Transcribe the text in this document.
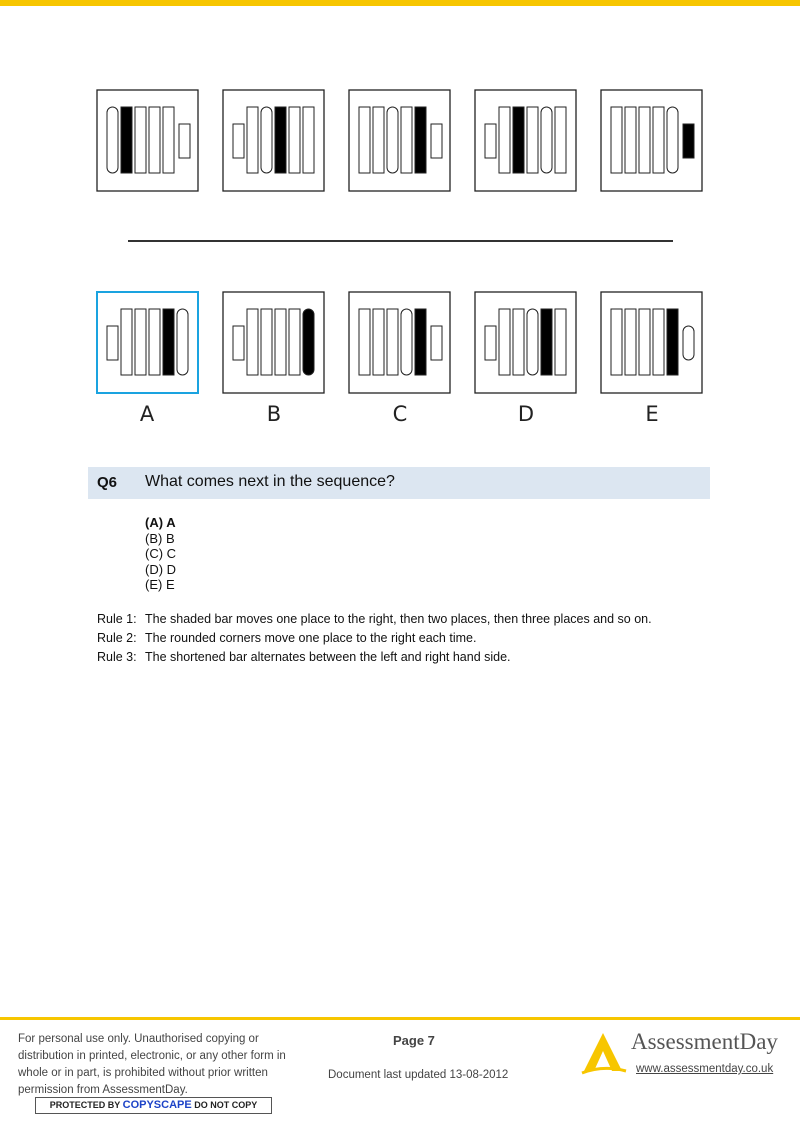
A	B	C	D	E
Q6 What comes next in the sequence?
(A) A
(B) B
(C) C
(D) D
(E) E
Rule 1: The shaded bar moves one place to the right, then two places, then three places and so on.
Rule 2: The rounded corners move one place to the right each time.
Rule 3: The shortened bar alternates between the left and right hand side.
For personal use only. Unauthorised copying or distribution in printed, electronic, or any other form in whole or in part, is prohibited without prior written permission from AssessmentDay.
PROTECTED BY COPYSCAPE DO NOT COPY
Page 7
Document last updated 13-08-2012
AssessmentDay
www.assessmentday.co.uk
